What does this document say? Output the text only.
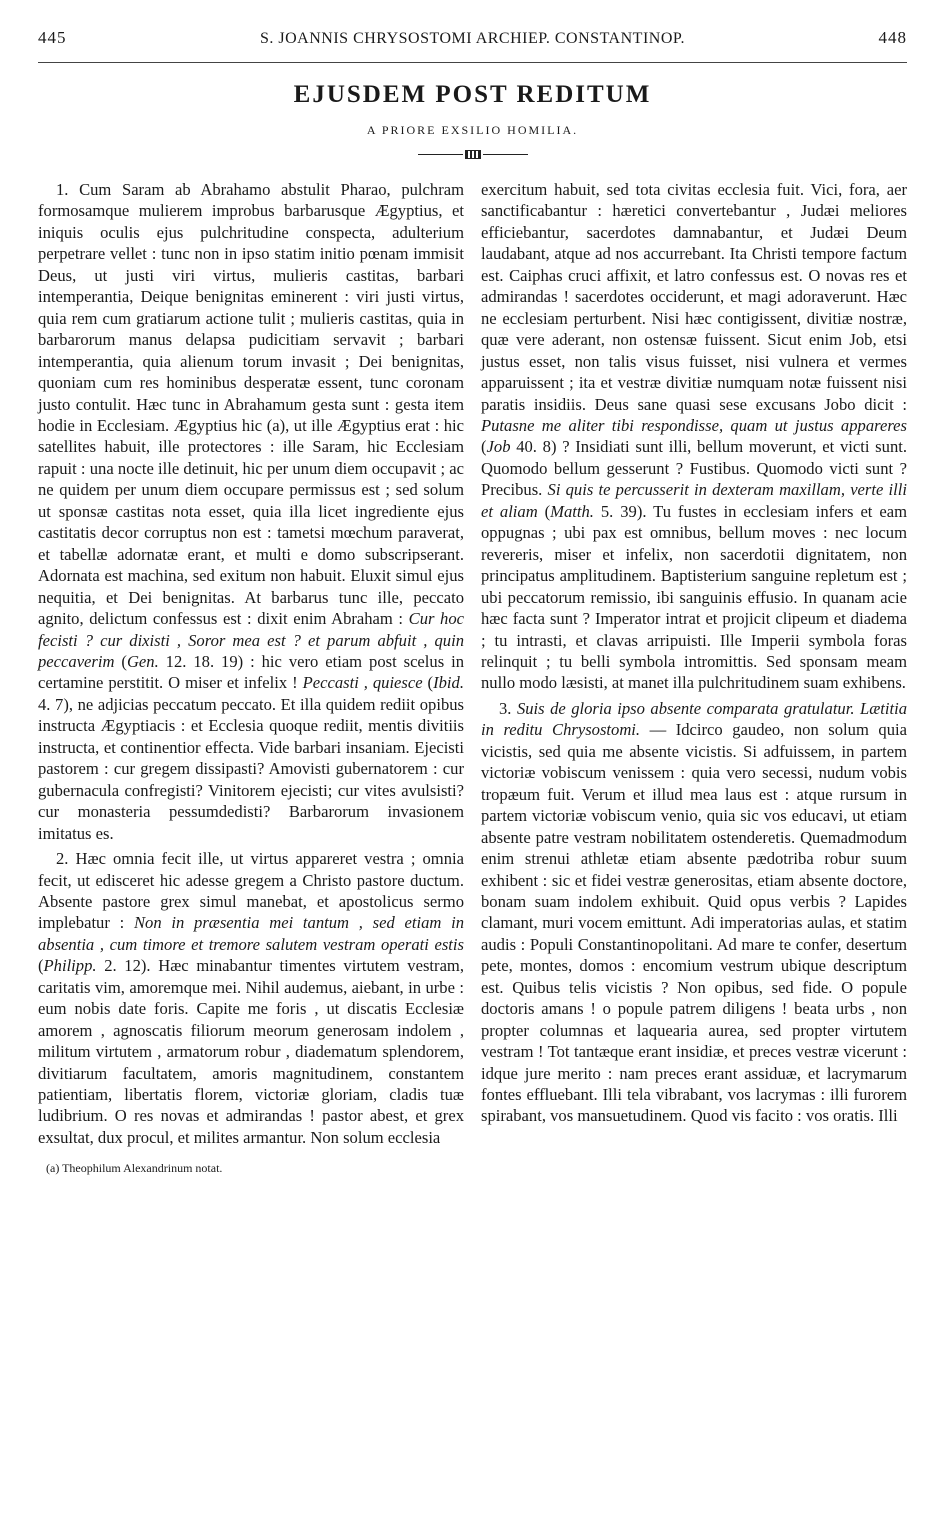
445	S. JOANNIS CHRYSOSTOMI ARCHIEP. CONSTANTINOP.	448
EJUSDEM POST REDITUM
A PRIORE EXSILIO HOMILIA.

1. Cum Saram ab Abrahamo abstulit Pharao, pulchram formosamque mulierem improbus barbarusque Ægyptius, et iniquis oculis ejus pulchritudine conspecta, adulterium perpetrare vellet : tunc non in ipso statim initio pœnam immisit Deus, ut justi viri virtus, mulieris castitas, barbari intemperantia, Deique benignitas eminerent : viri justi virtus, quia rem cum gratiarum actione tulit ; mulieris castitas, quia in barbarorum manus delapsa pudicitiam servavit ; barbari intemperantia, quia alienum torum invasit ; Dei benignitas, quoniam cum res hominibus desperatæ essent, tunc coronam justo contulit. Hæc tunc in Abrahamum gesta sunt : gesta item hodie in Ecclesiam. Ægyptius hic (a), ut ille Ægyptius erat : hic satellites habuit, ille protectores : ille Saram, hic Ecclesiam rapuit : una nocte ille detinuit, hic per unum diem occupavit ; ac ne quidem per unum diem occupare permissus est ; sed solum ut sponsæ castitas nota esset, quia illa licet ingrediente ejus castitatis decor corruptus non est : tametsi mœchum paraverat, et tabellæ adornatæ erant, et multi e domo subscripserant. Adornata est machina, sed exitum non habuit. Eluxit simul ejus nequitia, et Dei benignitas. At barbarus tunc ille, peccato agnito, delictum confessus est : dixit enim Abraham : Cur hoc fecisti ? cur dixisti , Soror mea est ? et parum abfuit , quin peccaverim (Gen. 12. 18. 19) : hic vero etiam post scelus in certamine perstitit. O miser et infelix ! Peccasti , quiesce (Ibid. 4. 7), ne adjicias peccatum peccato. Et illa quidem rediit opibus instructa Ægyptiacis : et Ecclesia quoque rediit, mentis divitiis instructa, et continentior effecta. Vide barbari insaniam. Ejecisti pastorem : cur gregem dissipasti? Amovisti gubernatorem : cur gubernacula confregisti? Vinitorem ejecisti; cur vites avulsisti? cur monasteria pessumdedisti? Barbarorum invasionem imitatus es.

2. Hæc omnia fecit ille, ut virtus appareret vestra ; omnia fecit, ut edisceret hic adesse gregem a Christo pastore ductum. Absente pastore grex simul manebat, et apostolicus sermo implebatur : Non in præsentia mei tantum , sed etiam in absentia , cum timore et tremore salutem vestram operati estis (Philipp. 2. 12). Hæc minabantur timentes virtutem vestram, caritatis vim, amoremque mei. Nihil audemus, aiebant, in urbe : eum nobis date foris. Capite me foris , ut discatis Ecclesiæ amorem , agnoscatis filiorum meorum generosam indolem , militum virtutem , armatorum robur , diadematum splendorem, divitiarum facultatem, amoris magnitudinem, constantem patientiam, libertatis florem, victoriæ gloriam, cladis tuæ ludibrium. O res novas et admirandas ! pastor abest, et grex exsultat, dux procul, et milites armantur. Non solum ecclesia

(a) Theophilum Alexandrinum notat.

exercitum habuit, sed tota civitas ecclesia fuit. Vici, fora, aer sanctificabantur : hæretici convertebantur , Judæi meliores efficiebantur, sacerdotes damnabantur, et Judæi Deum laudabant, atque ad nos accurrebant. Ita Christi tempore factum est. Caiphas cruci affixit, et latro confessus est. O novas res et admirandas ! sacerdotes occiderunt, et magi adoraverunt. Hæc ne ecclesiam perturbent. Nisi hæc contigissent, divitiæ nostræ, quæ vere aderant, non ostensæ fuissent. Sicut enim Job, etsi justus esset, non talis visus fuisset, nisi vulnera et vermes apparuissent ; ita et vestræ divitiæ numquam notæ fuissent nisi paratis insidiis. Deus sane quasi sese excusans Jobo dicit : Putasne me aliter tibi respondisse, quam ut justus appareres (Job 40. 8) ? Insidiati sunt illi, bellum moverunt, et victi sunt. Quomodo bellum gesserunt ? Fustibus. Quomodo victi sunt ? Precibus. Si quis te percusserit in dexteram maxillam, verte illi et aliam (Matth. 5. 39). Tu fustes in ecclesiam infers et eam oppugnas ; ubi pax est omnibus, bellum moves : nec locum revereris, miser et infelix, non sacerdotii dignitatem, non principatus amplitudinem. Baptisterium sanguine repletum est ; ubi peccatorum remissio, ibi sanguinis effusio. In quanam acie hæc facta sunt ? Imperator intrat et projicit clipeum et diadema ; tu intrasti, et clavas arripuisti. Ille Imperii symbola foras relinquit ; tu belli symbola intromittis. Sed sponsam meam nullo modo læsisti, at manet illa pulchritudinem suam exhibens.

3. Suis de gloria ipso absente comparata gratulatur. Lætitia in reditu Chrysostomi. — Idcirco gaudeo, non solum quia vicistis, sed quia me absente vicistis. Si adfuissem, in partem victoriæ vobiscum venissem : quia vero secessi, nudum vobis tropæum fuit. Verum et illud mea laus est : atque rursum in partem victoriæ vobiscum venio, quia sic vos educavi, ut etiam absente patre vestram nobilitatem ostenderetis. Quemadmodum enim strenui athletæ etiam absente pædotriba robur suum exhibent : sic et fidei vestræ generositas, etiam absente doctore, bonam suam indolem exhibuit. Quid opus verbis ? Lapides clamant, muri vocem emittunt. Adi imperatorias aulas, et statim audis : Populi Constantinopolitani. Ad mare te confer, desertum pete, montes, domos : encomium vestrum ubique descriptum est. Quibus telis vicistis ? Non opibus, sed fide. O popule doctoris amans ! o popule patrem diligens ! beata urbs , non propter columnas et laquearia aurea, sed propter virtutem vestram ! Tot tantæque erant insidiæ, et preces vestræ vicerunt : idque jure merito : nam preces erant assiduæ, et lacrymarum fontes effluebant. Illi tela vibrabant, vos lacrymas : illi furorem spirabant, vos mansuetudinem. Quod vis facito : vos oratis. Illi
